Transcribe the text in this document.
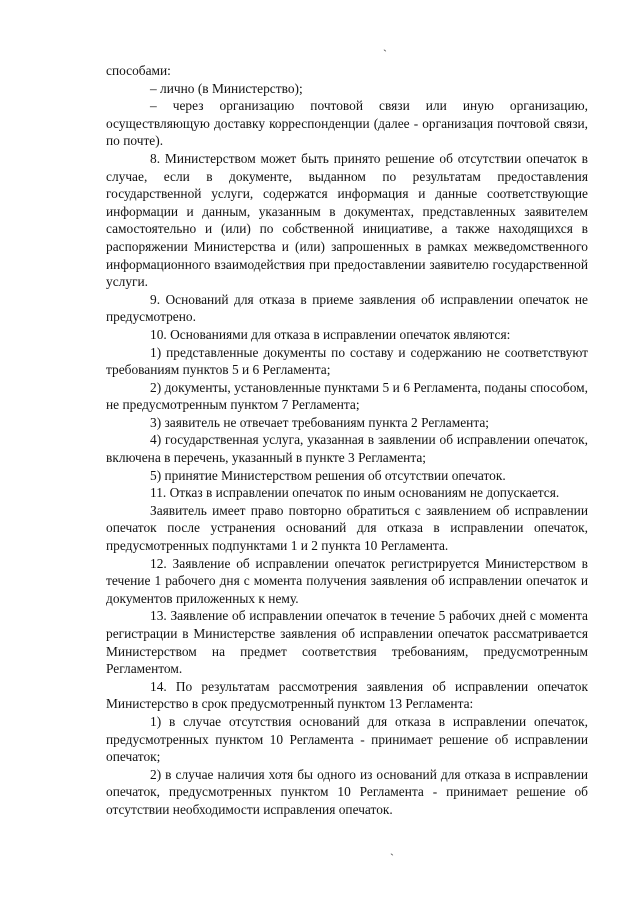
ˏ

способами:

– лично (в Министерство);

– через организацию почтовой связи или иную организацию, осуществляющую доставку корреспонденции (далее - организация почтовой связи, по почте).

8. Министерством может быть принято решение об отсутствии опечаток в случае, если в документе, выданном по результатам предоставления государственной услуги, содержатся информация и данные соответствующие информации и данным, указанным в документах, представленных заявителем самостоятельно и (или) по собственной инициативе, а также находящихся в распоряжении Министерства и (или) запрошенных в рамках межведомственного информационного взаимодействия при предоставлении заявителю государственной услуги.

9. Оснований для отказа в приеме заявления об исправлении опечаток не предусмотрено.

10. Основаниями для отказа в исправлении опечаток являются:

1) представленные документы по составу и содержанию не соответствуют требованиям пунктов 5 и 6 Регламента;

2) документы, установленные пунктами 5 и 6 Регламента, поданы способом, не предусмотренным пунктом 7 Регламента;

3) заявитель не отвечает требованиям пункта 2 Регламента;

4) государственная услуга, указанная в заявлении об исправлении опечаток, включена в перечень, указанный в пункте 3 Регламента;

5) принятие Министерством решения об отсутствии опечаток.

11. Отказ в исправлении опечаток по иным основаниям не допускается.

Заявитель имеет право повторно обратиться с заявлением об исправлении опечаток после устранения оснований для отказа в исправлении опечаток, предусмотренных подпунктами 1 и 2 пункта 10 Регламента.

12. Заявление об исправлении опечаток регистрируется Министерством в течение 1 рабочего дня с момента получения заявления об исправлении опечаток и документов приложенных к нему.

13. Заявление об исправлении опечаток в течение 5 рабочих дней с момента регистрации в Министерстве заявления об исправлении опечаток рассматривается Министерством на предмет соответствия требованиям, предусмотренным Регламентом.

14. По результатам рассмотрения заявления об исправлении опечаток Министерство в срок предусмотренный пунктом 13 Регламента:

1) в случае отсутствия оснований для отказа в исправлении опечаток, предусмотренных пунктом 10 Регламента - принимает решение об исправлении опечаток;

2) в случае наличия хотя бы одного из оснований для отказа в исправлении опечаток, предусмотренных пунктом 10 Регламента - принимает решение об отсутствии необходимости исправления опечаток.

ˏ
